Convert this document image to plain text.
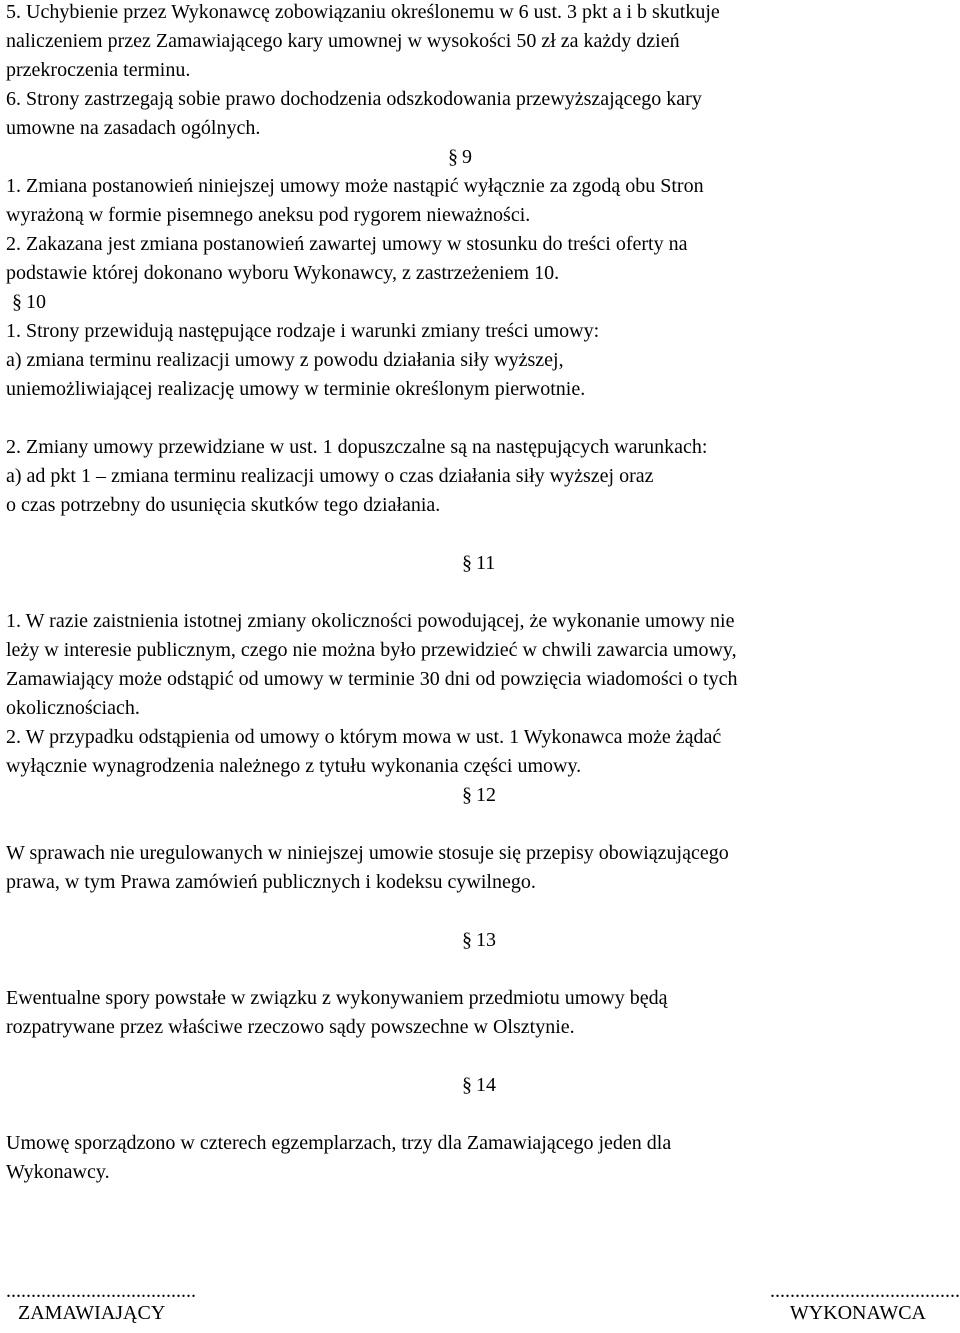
5. Uchybienie przez Wykonawcę zobowiązaniu określonemu w 6 ust. 3 pkt a i b skutkuje
naliczeniem przez Zamawiającego kary umownej w wysokości 50 zł za każdy dzień
przekroczenia terminu.
6. Strony zastrzegają sobie prawo dochodzenia odszkodowania przewyższającego kary
umowne na zasadach ogólnych.
§ 9
1. Zmiana postanowień niniejszej umowy może nastąpić wyłącznie za zgodą obu Stron
wyrażoną w formie pisemnego aneksu pod rygorem nieważności.
2. Zakazana jest zmiana postanowień zawartej umowy w stosunku do treści oferty na
podstawie której dokonano wyboru Wykonawcy, z zastrzeżeniem 10.
§ 10
1. Strony przewidują następujące rodzaje i warunki zmiany treści umowy:
a) zmiana terminu realizacji umowy z powodu działania siły wyższej,
uniemożliwiającej realizację umowy w terminie określonym pierwotnie.
2. Zmiany umowy przewidziane w ust. 1 dopuszczalne są na następujących warunkach:
a) ad pkt 1 – zmiana terminu realizacji umowy o czas działania siły wyższej oraz
o czas potrzebny do usunięcia skutków tego działania.
§ 11
1. W razie zaistnienia istotnej zmiany okoliczności powodującej, że wykonanie umowy nie
leży w interesie publicznym, czego nie można było przewidzieć w chwili zawarcia umowy,
Zamawiający może odstąpić od umowy w terminie 30 dni od powzięcia wiadomości o tych
okolicznościach.
2. W przypadku odstąpienia od umowy o którym mowa w ust. 1 Wykonawca może żądać
wyłącznie wynagrodzenia należnego z tytułu wykonania części umowy.
§ 12
W sprawach nie uregulowanych w niniejszej umowie stosuje się przepisy obowiązującego
prawa, w tym Prawa zamówień publicznych i kodeksu cywilnego.
§ 13
Ewentualne spory powstałe w związku z wykonywaniem przedmiotu umowy będą
rozpatrywane przez właściwe rzeczowo sądy powszechne w Olsztynie.
§ 14
Umowę sporządzono w czterech egzemplarzach, trzy dla Zamawiającego jeden dla
Wykonawcy.
......................................
ZAMAWIAJĄCY
......................................
WYKONAWCA
